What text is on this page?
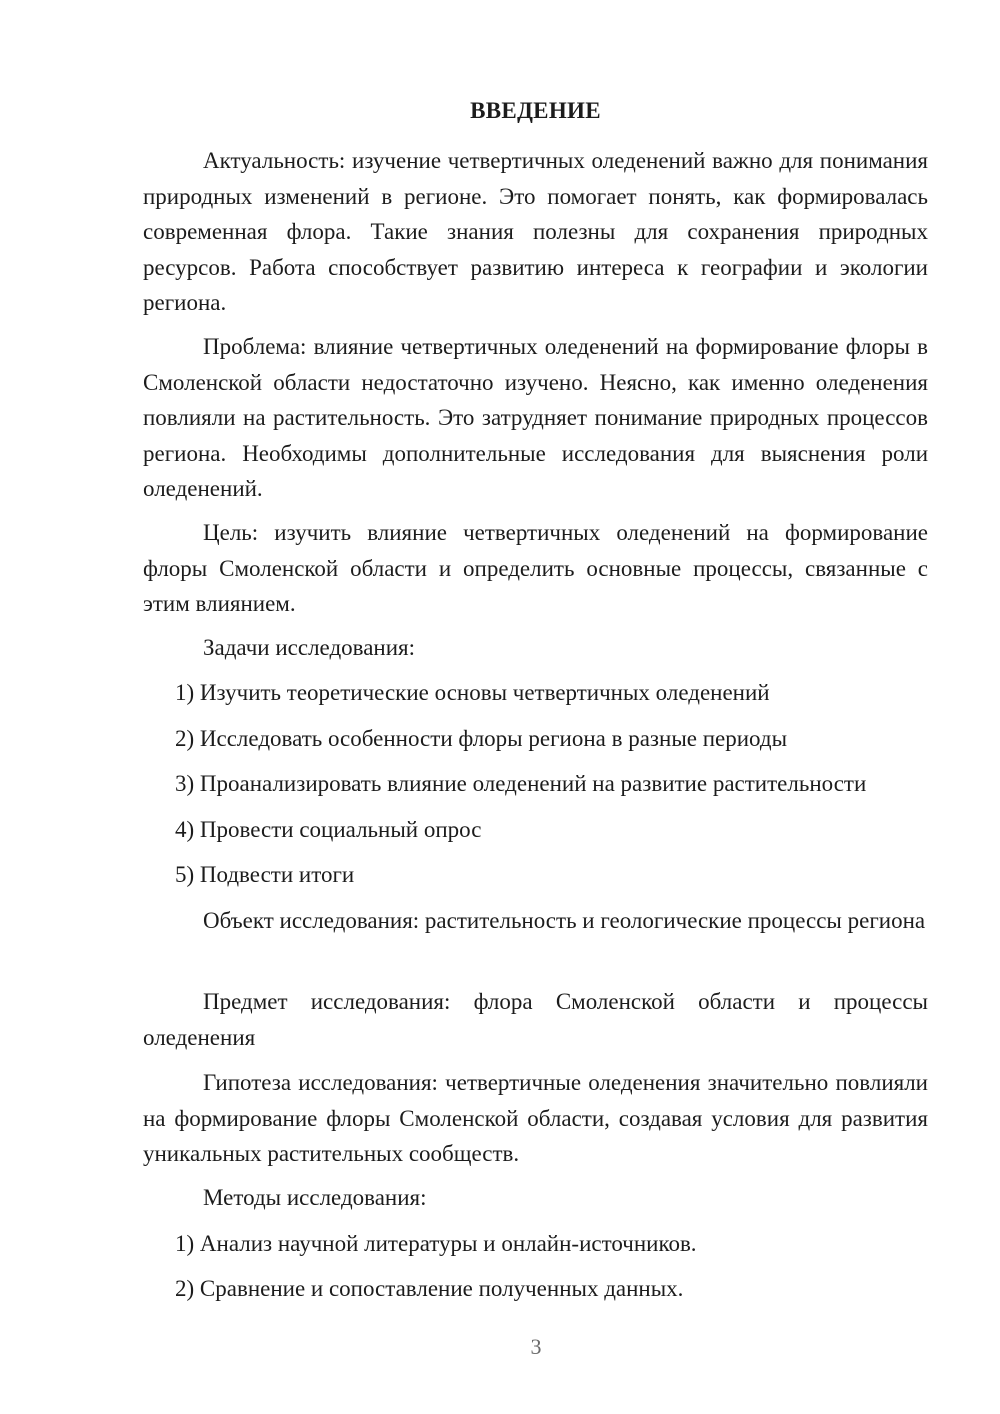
ВВЕДЕНИЕ

Актуальность: изучение четвертичных оледенений важно для понимания природных изменений в регионе. Это помогает понять, как формировалась современная флора. Такие знания полезны для сохранения природных ресурсов. Работа способствует развитию интереса к географии и экологии региона.

Проблема: влияние четвертичных оледенений на формирование флоры в Смоленской области недостаточно изучено. Неясно, как именно оледенения повлияли на растительность. Это затрудняет понимание природных процессов региона. Необходимы дополнительные исследования для выяснения роли оледенений.

Цель: изучить влияние четвертичных оледенений на формирование флоры Смоленской области и определить основные процессы, связанные с этим влиянием.

Задачи исследования:

1) Изучить теоретические основы четвертичных оледенений

2) Исследовать особенности флоры региона в разные периоды

3) Проанализировать влияние оледенений на развитие растительности

4) Провести социальный опрос

5) Подвести итоги

Объект исследования: растительность и геологические процессы региона

Предмет исследования: флора Смоленской области и процессы оледенения

Гипотеза исследования: четвертичные оледенения значительно повлияли на формирование флоры Смоленской области, создавая условия для развития уникальных растительных сообществ.

Методы исследования:

1) Анализ научной литературы и онлайн-источников.

2) Сравнение и сопоставление полученных данных.

3
